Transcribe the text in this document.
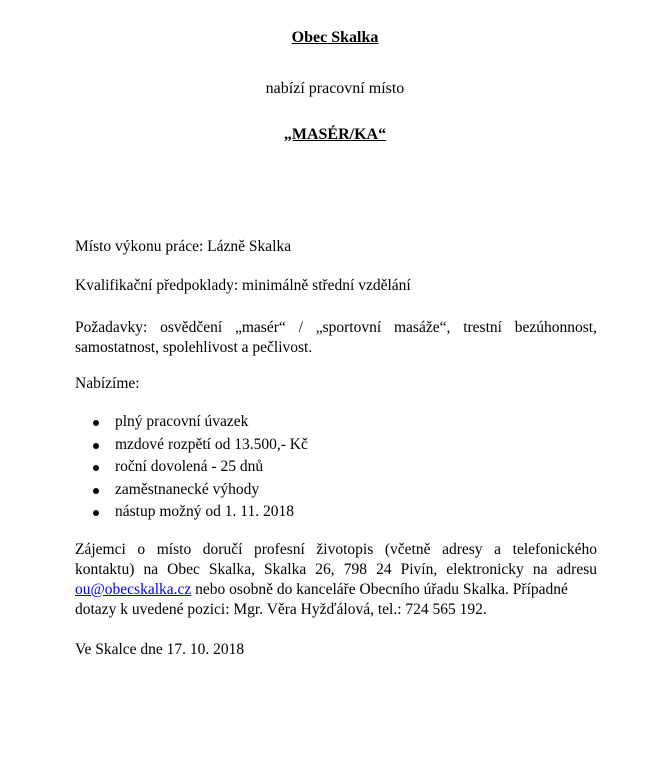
Obec Skalka
nabízí pracovní místo
„MASÉR/KA“
Místo výkonu práce: Lázně Skalka
Kvalifikační předpoklady: minimálně střední vzdělání
Požadavky: osvědčení „masér“ / „sportovní masáže“, trestní bezúhonnost,
samostatnost, spolehlivost a pečlivost.
Nabízíme:
plný pracovní úvazek
mzdové rozpětí od 13.500,- Kč
roční dovolená - 25 dnů
zaměstnanecké výhody
nástup možný od 1. 11. 2018
Zájemci o místo doručí profesní životopis (včetně adresy a telefonického
kontaktu) na Obec Skalka, Skalka 26, 798 24 Pivín, elektronicky na adresu
ou@obecskalka.cz nebo osobně do kanceláře Obecního úřadu Skalka. Případné
dotazy k uvedené pozici: Mgr. Věra Hyžďálová, tel.: 724 565 192.
Ve Skalce dne 17. 10. 2018
